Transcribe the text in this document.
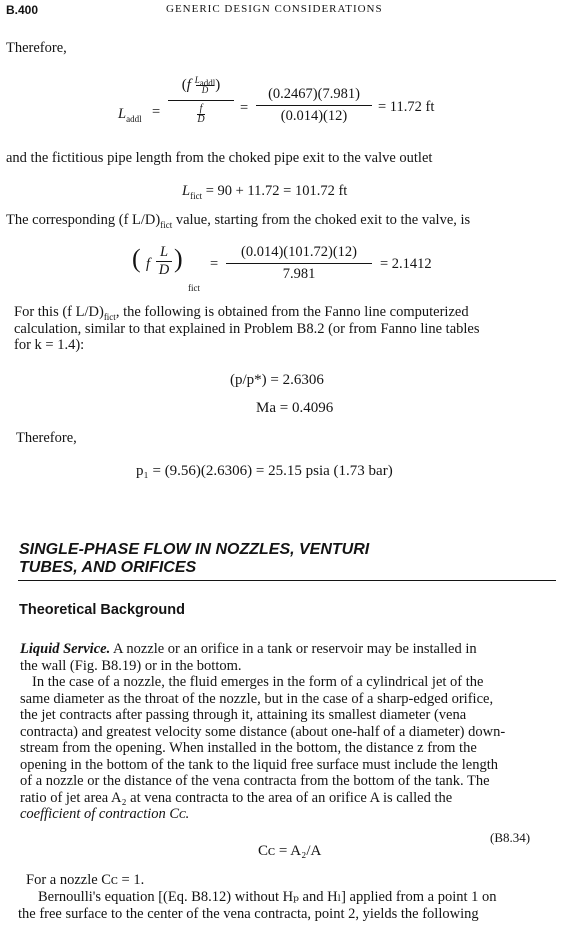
B.400	GENERIC DESIGN CONSIDERATIONS
Therefore,
$L_{addl}$ =
(f $L_{addl}$
D )
f
D
=
(0.2467)(7.981)
(0.014)(12)
= 11.72 ft
and the fictitious pipe length from the choked pipe exit to the valve outlet
$L_{fict} = 90 + 11.72 = 101.72$ ft
The corresponding (f $L/D)_{fict}$ value, starting from the choked exit to the valve, is
( f
L
D )
fict
=
(0.014)(101.72)(12)
7.981
= 2.1412
For this (f $L/D)_{fict}$, the following is obtained from the Fanno line computerized
calculation, similar to that explained in Problem B8.2 (or from Fanno line tables
for k = 1.4):
(p/p*) = 2.6306
Ma = 0.4096
Therefore,
p₁ = (9.56)(2.6306) = 25.15 psia (1.73 bar)
SINGLE-PHASE FLOW IN NOZZLES, VENTURI
TUBES, AND ORIFICES
Theoretical Background
Liquid Service. A nozzle or an orifice in a tank or reservoir may be installed in
the wall (Fig. B8.19) or in the bottom.
In the case of a nozzle, the fluid emerges in the form of a cylindrical jet of the
same diameter as the throat of the nozzle, but in the case of a sharp-edged orifice,
the jet contracts after passing through it, attaining its smallest diameter (vena
contracta) and greatest velocity some distance (about one-half of a diameter) down-
stream from the opening. When installed in the bottom, the distance z from the
opening in the bottom of the tank to the liquid free surface must include the length
of a nozzle or the distance of the vena contracta from the bottom of the tank. The
ratio of jet area A₂ at vena contracta to the area of an orifice A is called the
coefficient of contraction Cᴄ.
Cᴄ = A₂/A
(B8.34)
For a nozzle Cᴄ = 1.
Bernoulli's equation [(Eq. B8.12) without Hₚ and Hₗ] applied from a point 1 on
the free surface to the center of the vena contracta, point 2, yields the following
